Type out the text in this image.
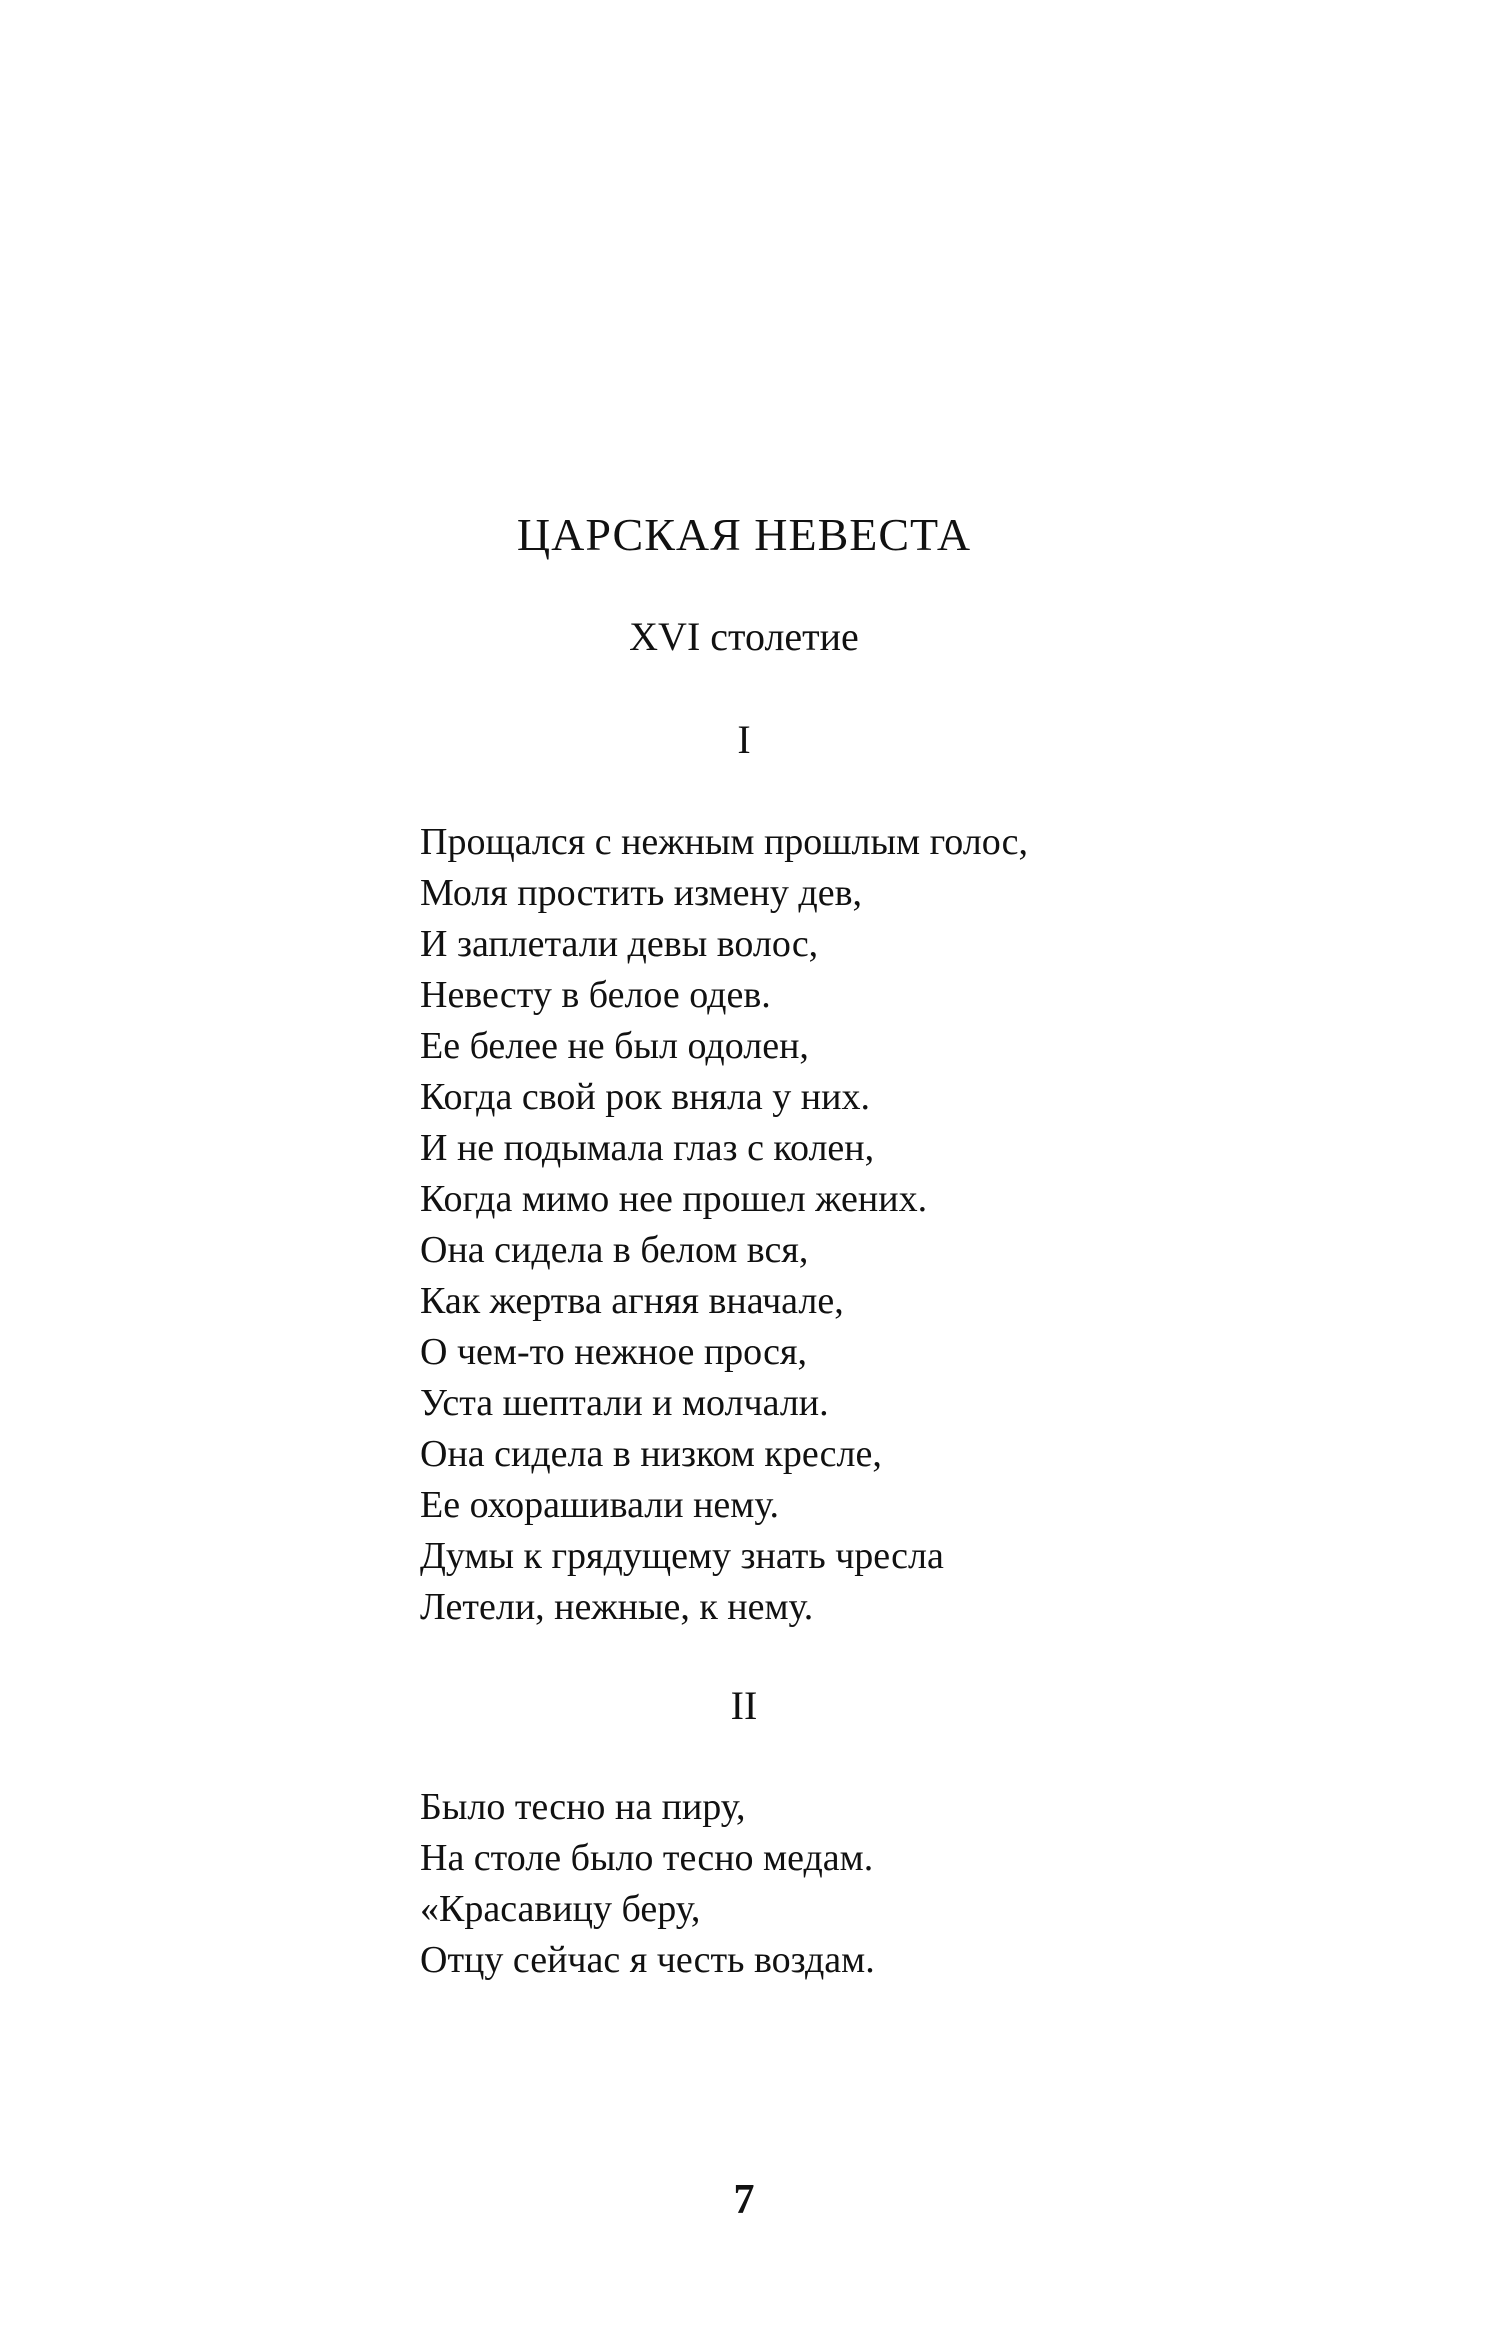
ЦАРСКАЯ НЕВЕСТА
XVI столетие
I
Прощался с нежным прошлым голос,
Моля простить измену дев,
И заплетали девы волос,
Невесту в белое одев.
Ее белее не был одолен,
Когда свой рок вняла у них.
И не подымала глаз с колен,
Когда мимо нее прошел жених.
Она сидела в белом вся,
Как жертва агняя вначале,
О чем-то нежное прося,
Уста шептали и молчали.
Она сидела в низком кресле,
Ее охорашивали нему.
Думы к грядущему знать чресла
Летели, нежные, к нему.
II
Было тесно на пиру,
На столе было тесно медам.
«Красавицу беру,
Отцу сейчас я честь воздам.
7
